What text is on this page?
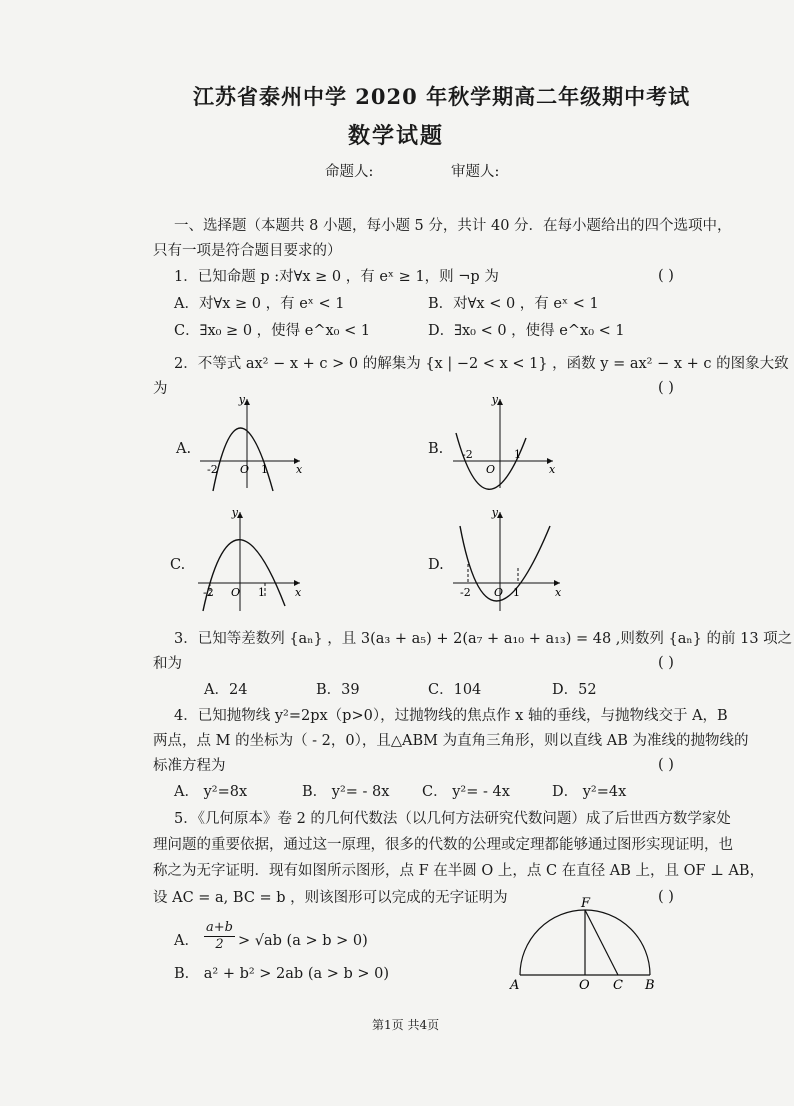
江苏省泰州中学 2020 年秋学期高二年级期中考试
数学试题
命题人:	审题人:
一、选择题（本题共 8 小题，每小题 5 分，共计 40 分．在每小题给出的四个选项中，
只有一项是符合题目要求的）
1．已知命题 p :对∀x ≥ 0 ，有 eˣ ≥ 1，则 ¬p 为	( )
A．对∀x ≥ 0 ，有 eˣ < 1	B．对∀x < 0 ，有 eˣ < 1
C．∃x₀ ≥ 0 ，使得 e^x₀ < 1	D．∃x₀ < 0 ，使得 e^x₀ < 1
2．不等式 ax² − x + c > 0 的解集为 {x | −2 < x < 1} ，函数 y = ax² − x + c 的图象大致
为	( )
A.	B.
C.	D.
y
x
O
-2	1
y
x
O
-2	1
y
x
O
-2	1
y
x
O
-2	1
3．已知等差数列 {aₙ} ，且 3(a₃ + a₅) + 2(a₇ + a₁₀ + a₁₃) = 48 ,则数列 {aₙ} 的前 13 项之
和为	( )
A．24	B．39	C．104	D．52
4．已知抛物线 y²=2px（p>0），过抛物线的焦点作 x 轴的垂线，与抛物线交于 A，B
两点，点 M 的坐标为（ - 2，0），且△ABM 为直角三角形，则以直线 AB 为准线的抛物线的
标准方程为	( )
A． y²=8x	B． y²= - 8x C． y²= - 4x	D． y²=4x
5．《几何原本》卷 2 的几何代数法（以几何方法研究代数问题）成了后世西方数学家处
理问题的重要依据，通过这一原理，很多的代数的公理或定理都能够通过图形实现证明，也
称之为无字证明．现有如图所示图形，点 F 在半圆 O 上，点 C 在直径 AB 上，且 OF ⊥ AB，
设 AC = a, BC = b ，则该图形可以完成的无字证明为	( )
A． $\frac{a+b}{2} > √ab$ (a > b > 0)
B． a² + b² > 2ab (a > b > 0)
F
A	O C B
第1页 共4页
